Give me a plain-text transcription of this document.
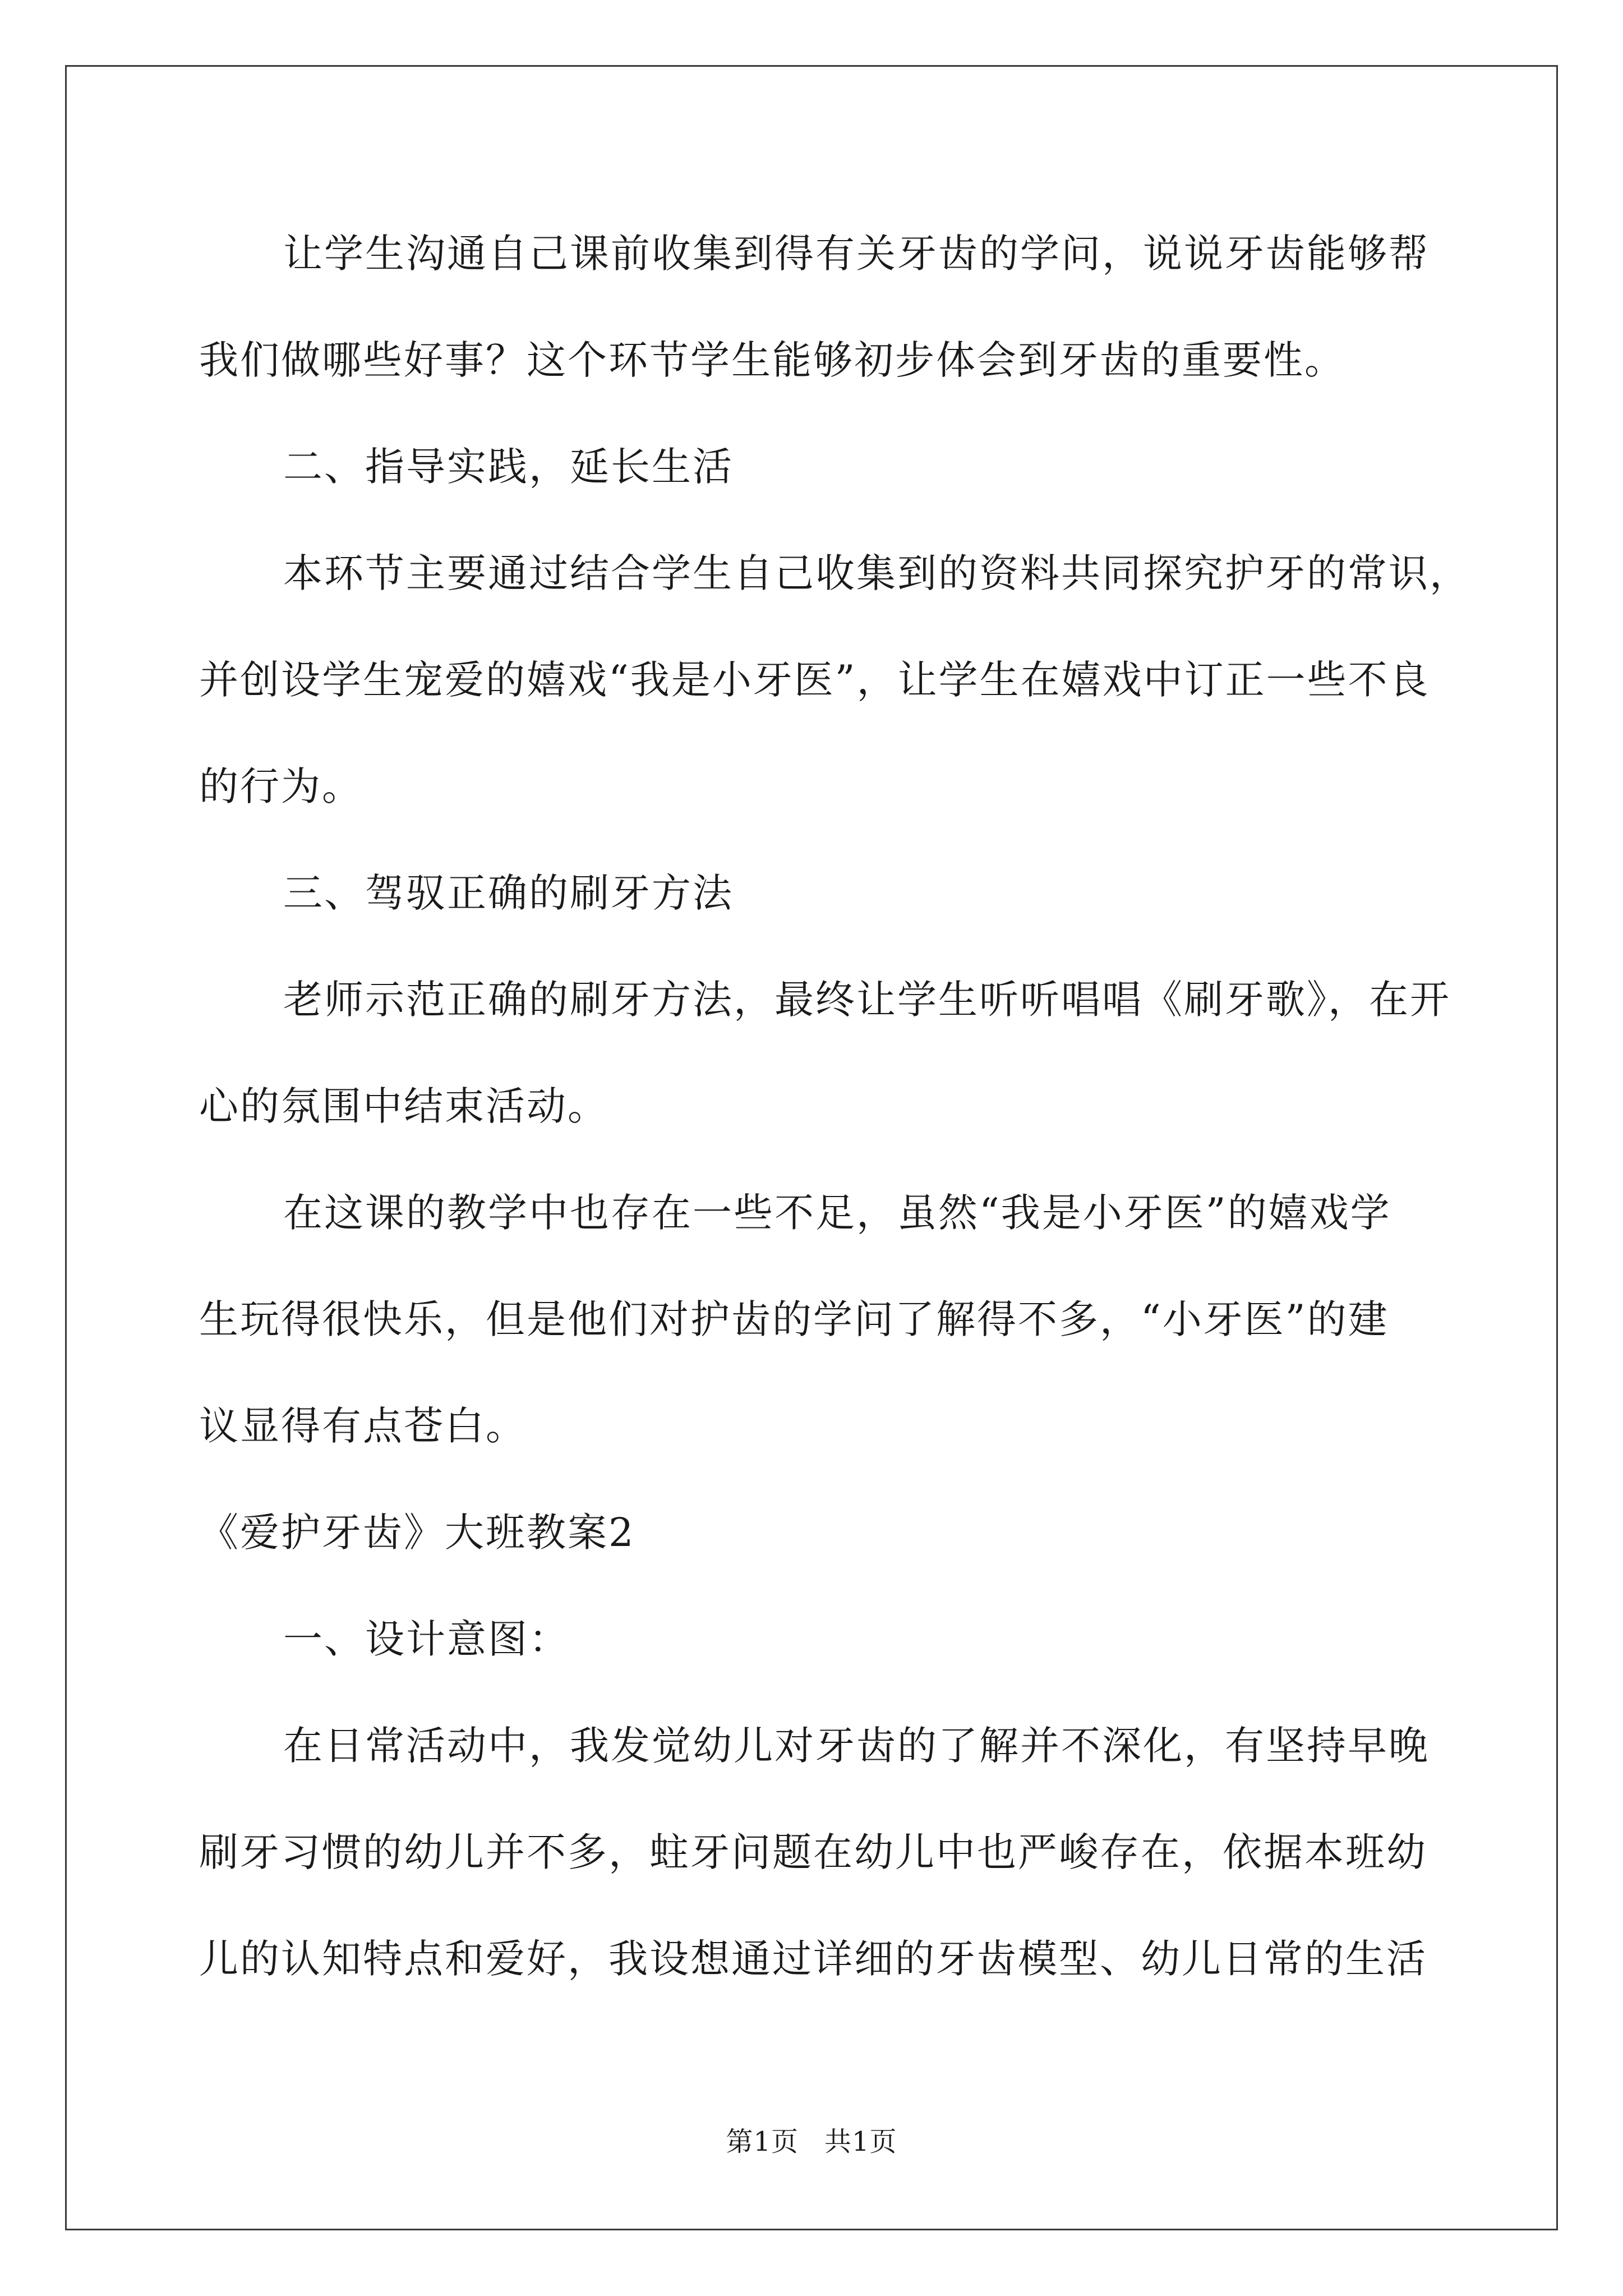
让学生沟通自己课前收集到得有关牙齿的学问，说说牙齿能够帮
我们做哪些好事？这个环节学生能够初步体会到牙齿的重要性。
二、指导实践，延长生活
本环节主要通过结合学生自己收集到的资料共同探究护牙的常识，
并创设学生宠爱的嬉戏“我是小牙医”，让学生在嬉戏中订正一些不良
的行为。
三、驾驭正确的刷牙方法
老师示范正确的刷牙方法，最终让学生听听唱唱《刷牙歌》，在开
心的氛围中结束活动。
在这课的教学中也存在一些不足，虽然“我是小牙医”的嬉戏学
生玩得很快乐，但是他们对护齿的学问了解得不多，“小牙医”的建
议显得有点苍白。
《爱护牙齿》大班教案2
一、设计意图：
在日常活动中，我发觉幼儿对牙齿的了解并不深化，有坚持早晚
刷牙习惯的幼儿并不多，蛀牙问题在幼儿中也严峻存在，依据本班幼
儿的认知特点和爱好，我设想通过详细的牙齿模型、幼儿日常的生活
第1页 共1页
